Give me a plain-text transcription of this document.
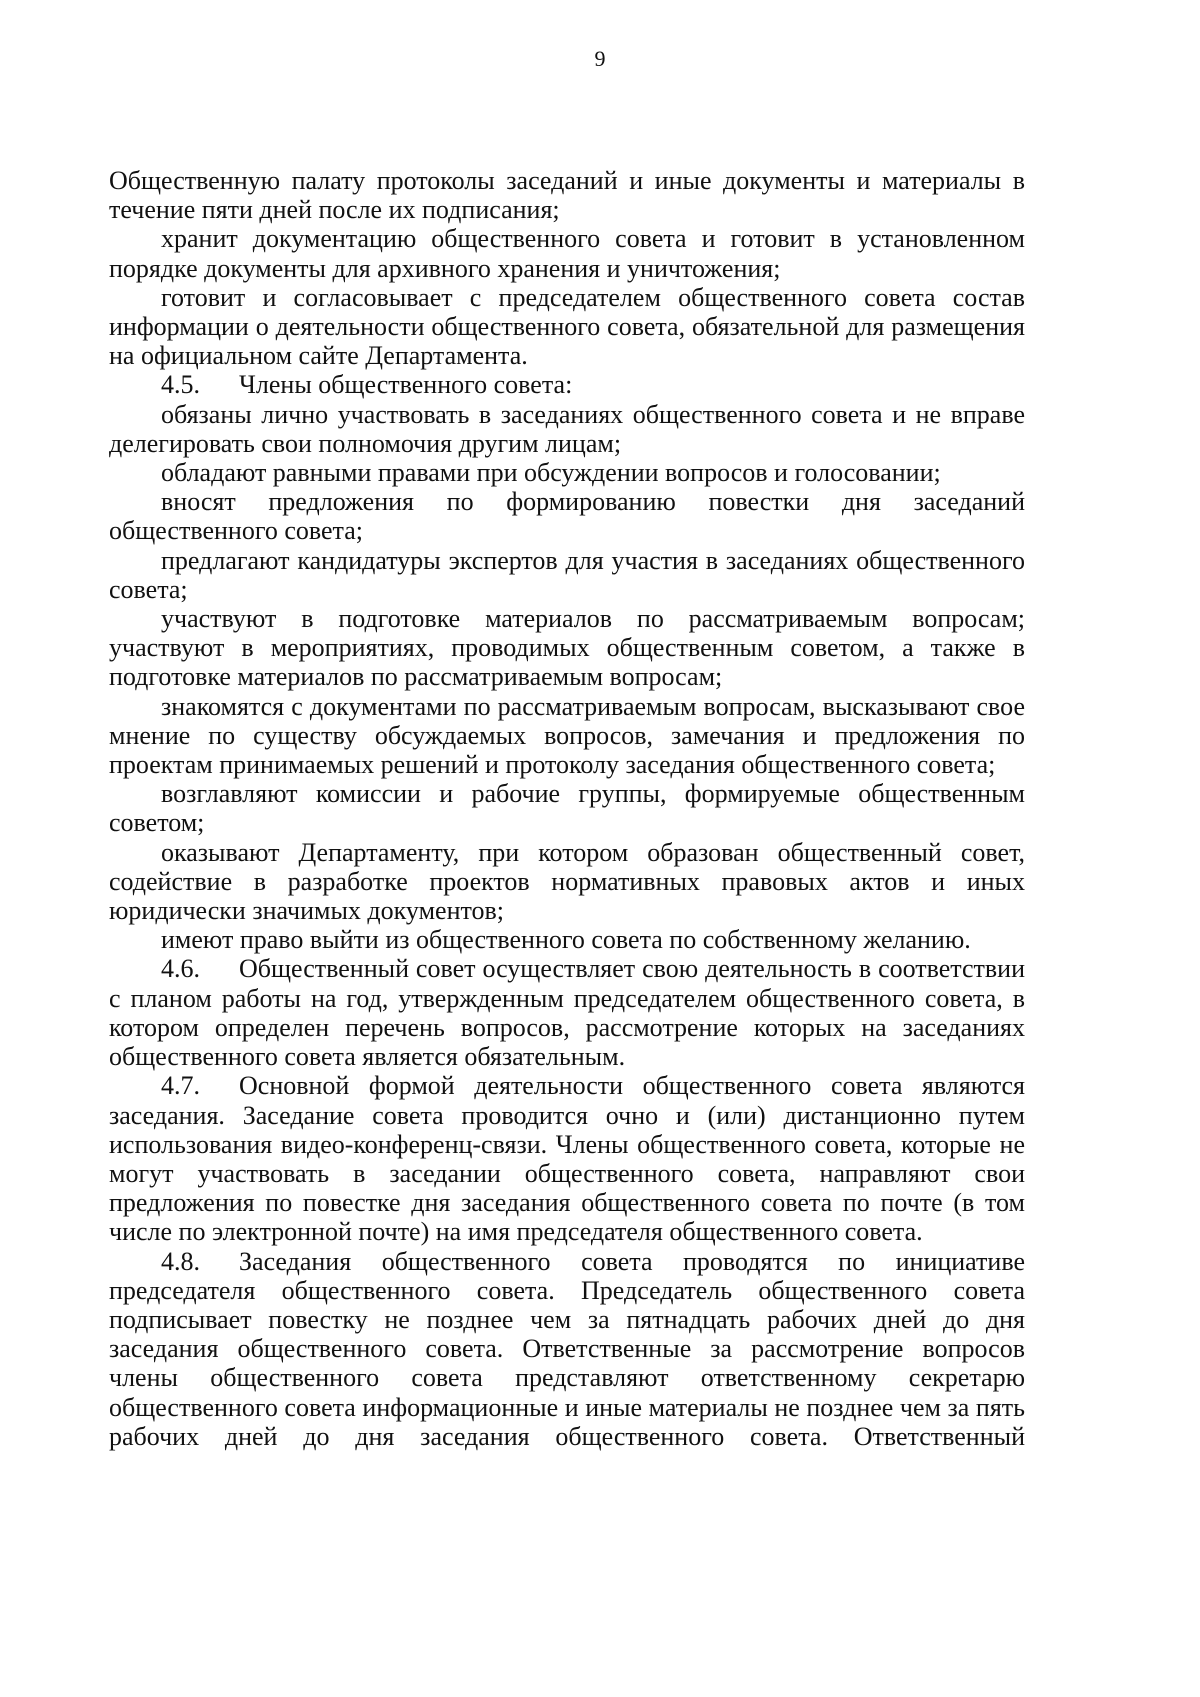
9

Общественную палату протоколы заседаний и иные документы и материалы в течение пяти дней после их подписания;

хранит документацию общественного совета и готовит в установленном порядке документы для архивного хранения и уничтожения;

готовит и согласовывает с председателем общественного совета состав информации о деятельности общественного совета, обязательной для размещения на официальном сайте Департамента.

4.5. Члены общественного совета:

обязаны лично участвовать в заседаниях общественного совета и не вправе делегировать свои полномочия другим лицам;

обладают равными правами при обсуждении вопросов и голосовании;

вносят предложения по формированию повестки дня заседаний общественного совета;

предлагают кандидатуры экспертов для участия в заседаниях общественного совета;

участвуют в подготовке материалов по рассматриваемым вопросам; участвуют в мероприятиях, проводимых общественным советом, а также в подготовке материалов по рассматриваемым вопросам;

знакомятся с документами по рассматриваемым вопросам, высказывают свое мнение по существу обсуждаемых вопросов, замечания и предложения по проектам принимаемых решений и протоколу заседания общественного совета;

возглавляют комиссии и рабочие группы, формируемые общественным советом;

оказывают Департаменту, при котором образован общественный совет, содействие в разработке проектов нормативных правовых актов и иных юридически значимых документов;

имеют право выйти из общественного совета по собственному желанию.

4.6. Общественный совет осуществляет свою деятельность в соответствии с планом работы на год, утвержденным председателем общественного совета, в котором определен перечень вопросов, рассмотрение которых на заседаниях общественного совета является обязательным.

4.7. Основной формой деятельности общественного совета являются заседания. Заседание совета проводится очно и (или) дистанционно путем использования видео-конференц-связи. Члены общественного совета, которые не могут участвовать в заседании общественного совета, направляют свои предложения по повестке дня заседания общественного совета по почте (в том числе по электронной почте) на имя председателя общественного совета.

4.8. Заседания общественного совета проводятся по инициативе председателя общественного совета. Председатель общественного совета подписывает повестку не позднее чем за пятнадцать рабочих дней до дня заседания общественного совета. Ответственные за рассмотрение вопросов члены общественного совета представляют ответственному секретарю общественного совета информационные и иные материалы не позднее чем за пять рабочих дней до дня заседания общественного совета. Ответственный
